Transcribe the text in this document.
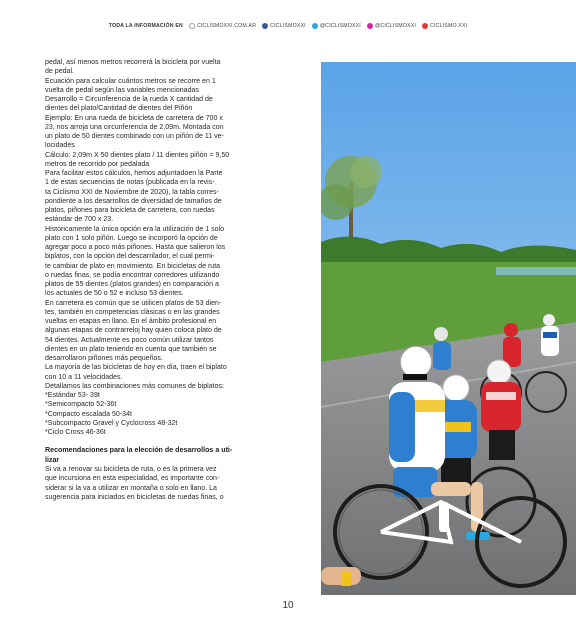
TODA LA INFORMACIÓN EN	CICLISMOXXI.COM.AR	CICLISMOXXI	@CICLISMOXXI	@CICLISMOXXI	CICLISMO.XXI

pedal, así menos metros recorrerá la bicicleta por vuelta
de pedal.
Ecuación para calcular cuántos metros se recorre en 1
vuelta de pedal según las variables mencionadas
Desarrollo = Circunferencia de la rueda X cantidad de
dientes del plato/Cantidad de dientes del Piñón
Ejemplo: En una rueda de bicicleta de carretera de 700 x
23, nos arroja una circunferencia de 2,09m. Montada con
un plato de 50 dientes combinado con un piñón de 11 ve-
locidades
Cálculo: 2,09m X 50 dientes plato / 11 dientes piñón = 9,50
metros de recorrido por pedalada
Para facilitar estos cálculos, hemos adjuntadoen la Parte
1 de estas secuencias de notas (publicada en la revis-
ta Ciclismo XXI de Noviembre de 2020), la tabla corres-
pondiente a los desarrollos de diversidad de tamaños de
platos, piñones para bicicleta de carretera, con ruedas
estándar de 700 x 23.
Históricamente la única opción era la utilización de 1 solo
plato con 1 solo piñón. Luego se incorporó la opción de
agregar poco a poco más piñones. Hasta que salieron los
biplatos, con la opción del descarrilador, el cual permi-
te cambiar de plato en movimiento. En bicicletas de ruta
o ruedas finas, se podía encontrar corredores utilizando
platos de 55 dientes (platos grandes) en comparación a
los actuales de 50 o 52 e incluso 53 dientes.
En carretera es común que se utilicen platos de 53 dien-
tes, también en competencias clásicas o en las grandes
vueltas en etapas en llano. En el ámbito profesional en
algunas etapas de contrarreloj hay quien coloca plato de
54 dientes. Actualmente es poco común utilizar tantos
dientes en un plato teniendo en cuenta que también se
desarrollaron piñones más pequeños.
La mayoría de las bicicletas de hoy en día, traen el biplato
con 10 a 11 velocidades.
Detallamos las combinaciones más comunes de biplatos:
*Estándar 53- 39t
*Semicompacto 52-36t
*Compacto escalada 50-34t
*Subcompacto Gravel y Cyclocross 48-32t
*Ciclo Cross 46-36t

Recomendaciones para la elección de desarrollos a uti-
lizar

Si va a renovar su bicicleta de ruta, o es la primera vez
que incursiona en esta especialidad, es importante con-
siderar si la va a utilizar en montaña o solo en llano. La
sugerencia para iniciados en bicicletas de ruedas finas, o

10
